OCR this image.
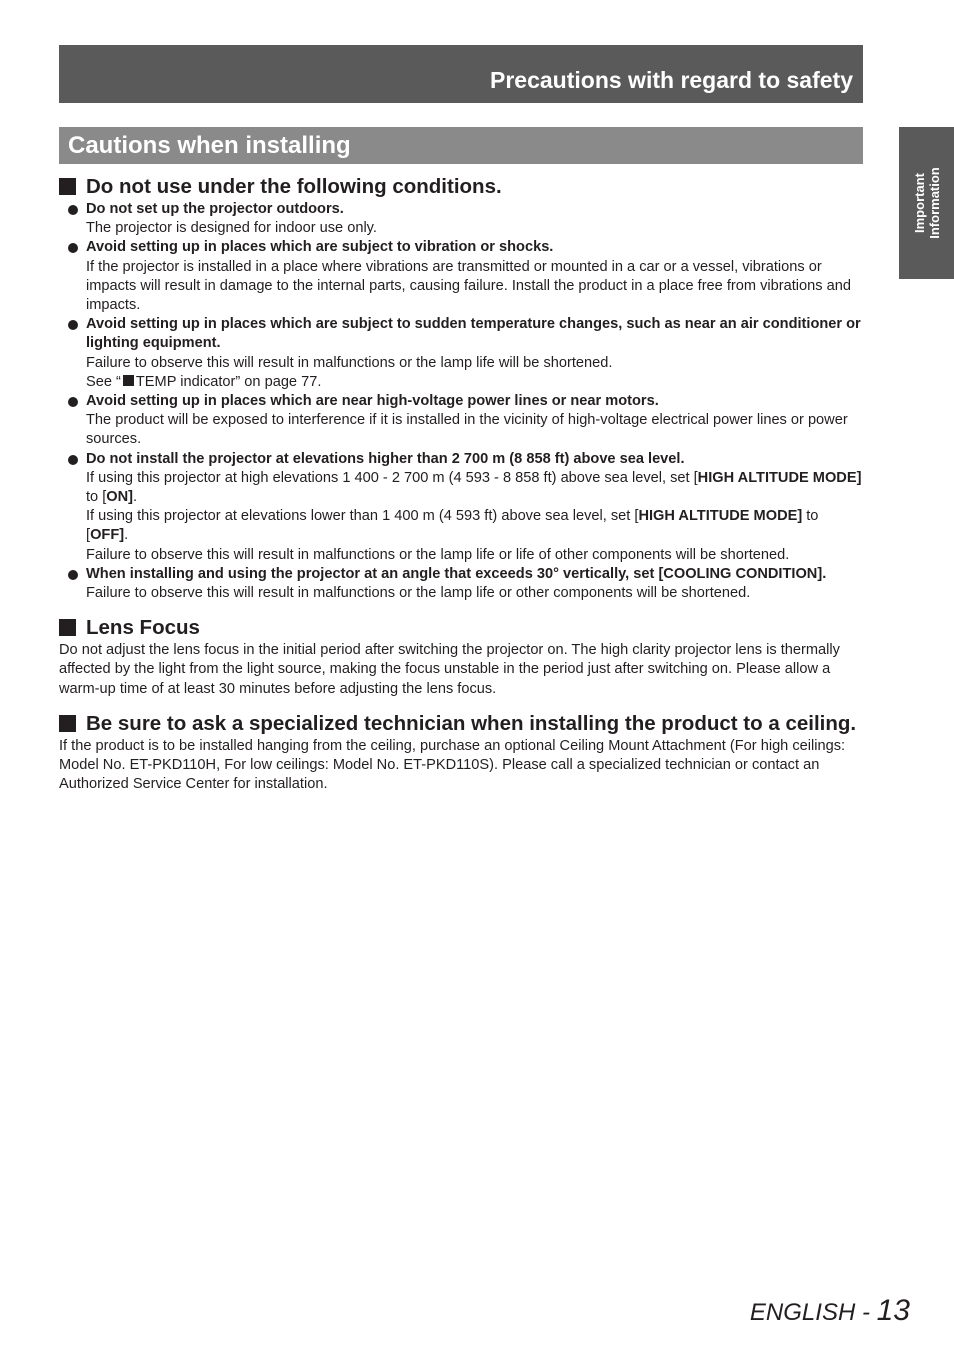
Precautions with regard to safety
Cautions when installing
Important Information
Do not use under the following conditions.

Do not set up the projector outdoors.

The projector is designed for indoor use only.

Avoid setting up in places which are subject to vibration or shocks.

If the projector is installed in a place where vibrations are transmitted or mounted in a car or a vessel, vibrations or impacts will result in damage to the internal parts, causing failure. Install the product in a place free from vibrations and impacts.

Avoid setting up in places which are subject to sudden temperature changes, such as near an air conditioner or lighting equipment.

Failure to observe this will result in malfunctions or the lamp life will be shortened.

See “ TEMP indicator” on page 77.

Avoid setting up in places which are near high-voltage power lines or near motors.

The product will be exposed to interference if it is installed in the vicinity of high-voltage electrical power lines or power sources.

Do not install the projector at elevations higher than 2 700 m (8 858 ft) above sea level.

If using this projector at high elevations 1 400 - 2 700 m (4 593 - 8 858 ft) above sea level, set [HIGH ALTITUDE MODE] to [ON].

If using this projector at elevations lower than 1 400 m (4 593 ft) above sea level, set [HIGH ALTITUDE MODE] to [OFF].

Failure to observe this will result in malfunctions or the lamp life or life of other components will be shortened.

When installing and using the projector at an angle that exceeds 30° vertically, set [COOLING CONDITION].

Failure to observe this will result in malfunctions or the lamp life or other components will be shortened.

Lens Focus

Do not adjust the lens focus in the initial period after switching the projector on. The high clarity projector lens is thermally affected by the light from the light source, making the focus unstable in the period just after switching on. Please allow a warm-up time of at least 30 minutes before adjusting the lens focus.

Be sure to ask a specialized technician when installing the product to a ceiling.

If the product is to be installed hanging from the ceiling, purchase an optional Ceiling Mount Attachment (For high ceilings: Model No. ET-PKD110H, For low ceilings: Model No. ET-PKD110S). Please call a specialized technician or contact an Authorized Service Center for installation.

ENGLISH - 13
